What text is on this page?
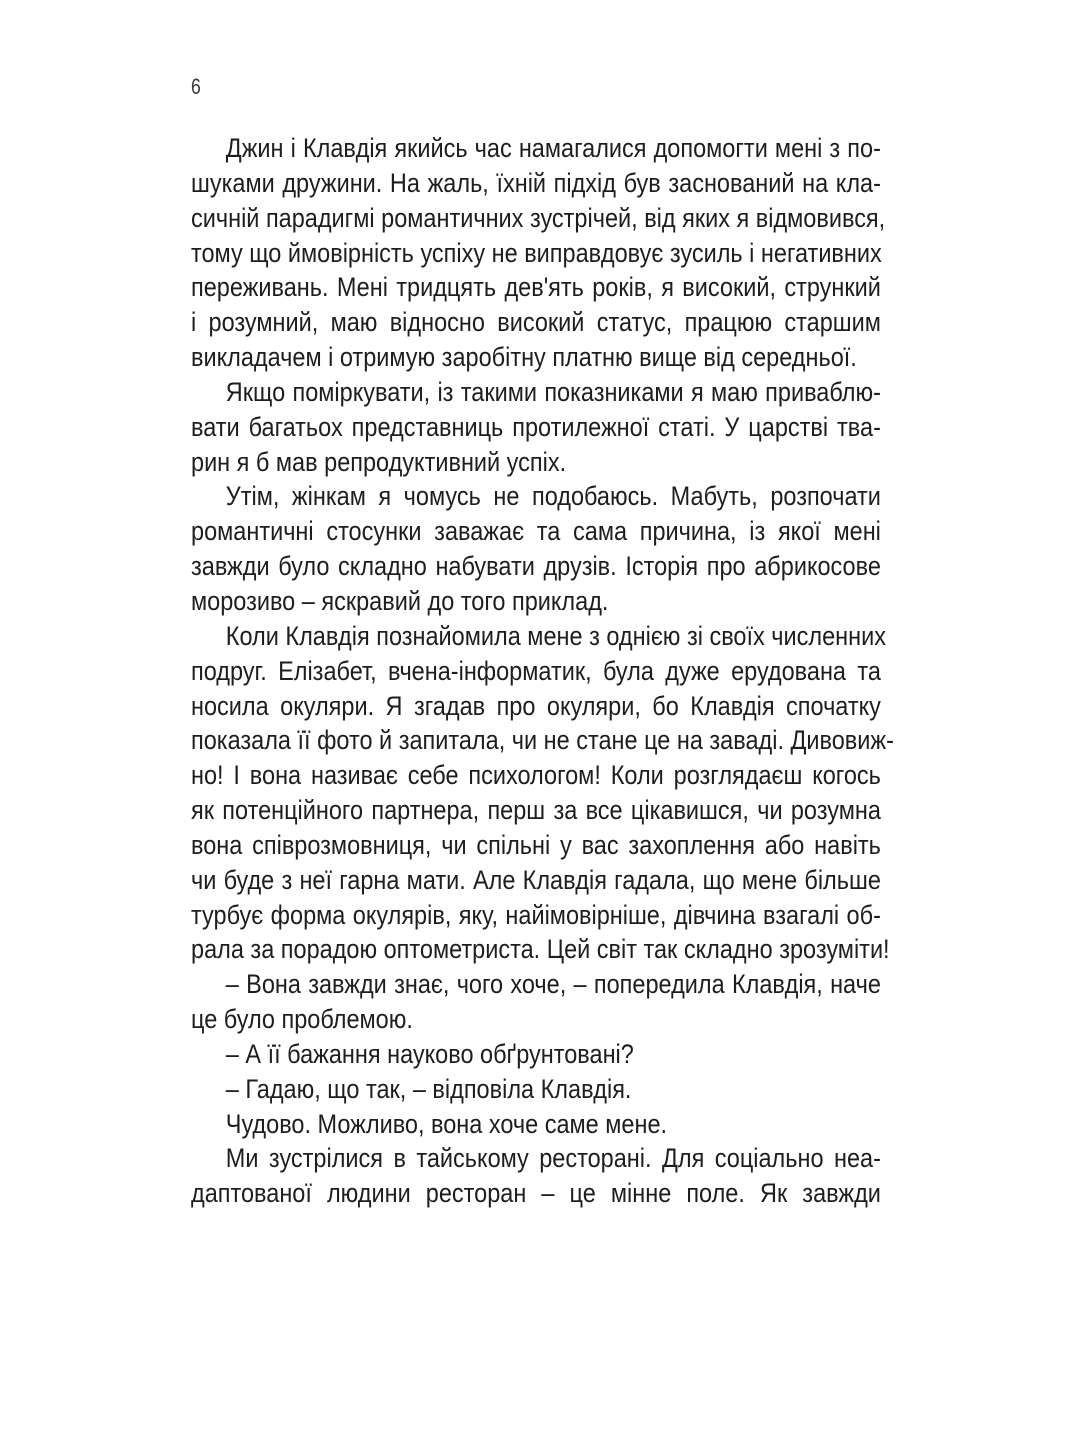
6
Джин і Клавдія якийсь час намагалися допомогти мені з по-
шуками дружини. На жаль, їхній підхід був заснований на кла-
сичній парадигмі романтичних зустрічей, від яких я відмовився,
тому що ймовірність успіху не виправдовує зусиль і негативних
переживань. Мені тридцять дев'ять років, я високий, стрункий
і розумний, маю відносно високий статус, працюю старшим
викладачем і отримую заробітну платню вище від середньої.
Якщо поміркувати, із такими показниками я маю приваблю-
вати багатьох представниць протилежної статі. У царстві тва-
рин я б мав репродуктивний успіх.
Утім, жінкам я чомусь не подобаюсь. Мабуть, розпочати
романтичні стосунки заважає та сама причина, із якої мені
завжди було складно набувати друзів. Історія про абрикосове
морозиво – яскравий до того приклад.
Коли Клавдія познайомила мене з однією зі своїх численних
подруг. Елізабет, вчена-інформатик, була дуже ерудована та
носила окуляри. Я згадав про окуляри, бо Клавдія спочатку
показала її фото й запитала, чи не стане це на заваді. Дивовиж-
но! І вона називає себе психологом! Коли розглядаєш когось
як потенційного партнера, перш за все цікавишся, чи розумна
вона співрозмовниця, чи спільні у вас захоплення або навіть
чи буде з неї гарна мати. Але Клавдія гадала, що мене більше
турбує форма окулярів, яку, найімовірніше, дівчина взагалі об-
рала за порадою оптометриста. Цей світ так складно зрозуміти!
– Вона завжди знає, чого хоче, – попередила Клавдія, наче
це було проблемою.
– А її бажання науково обґрунтовані?
– Гадаю, що так, – відповіла Клавдія.
Чудово. Можливо, вона хоче саме мене.
Ми зустрілися в тайському ресторані. Для соціально неа-
даптованої людини ресторан – це мінне поле. Як завжди
